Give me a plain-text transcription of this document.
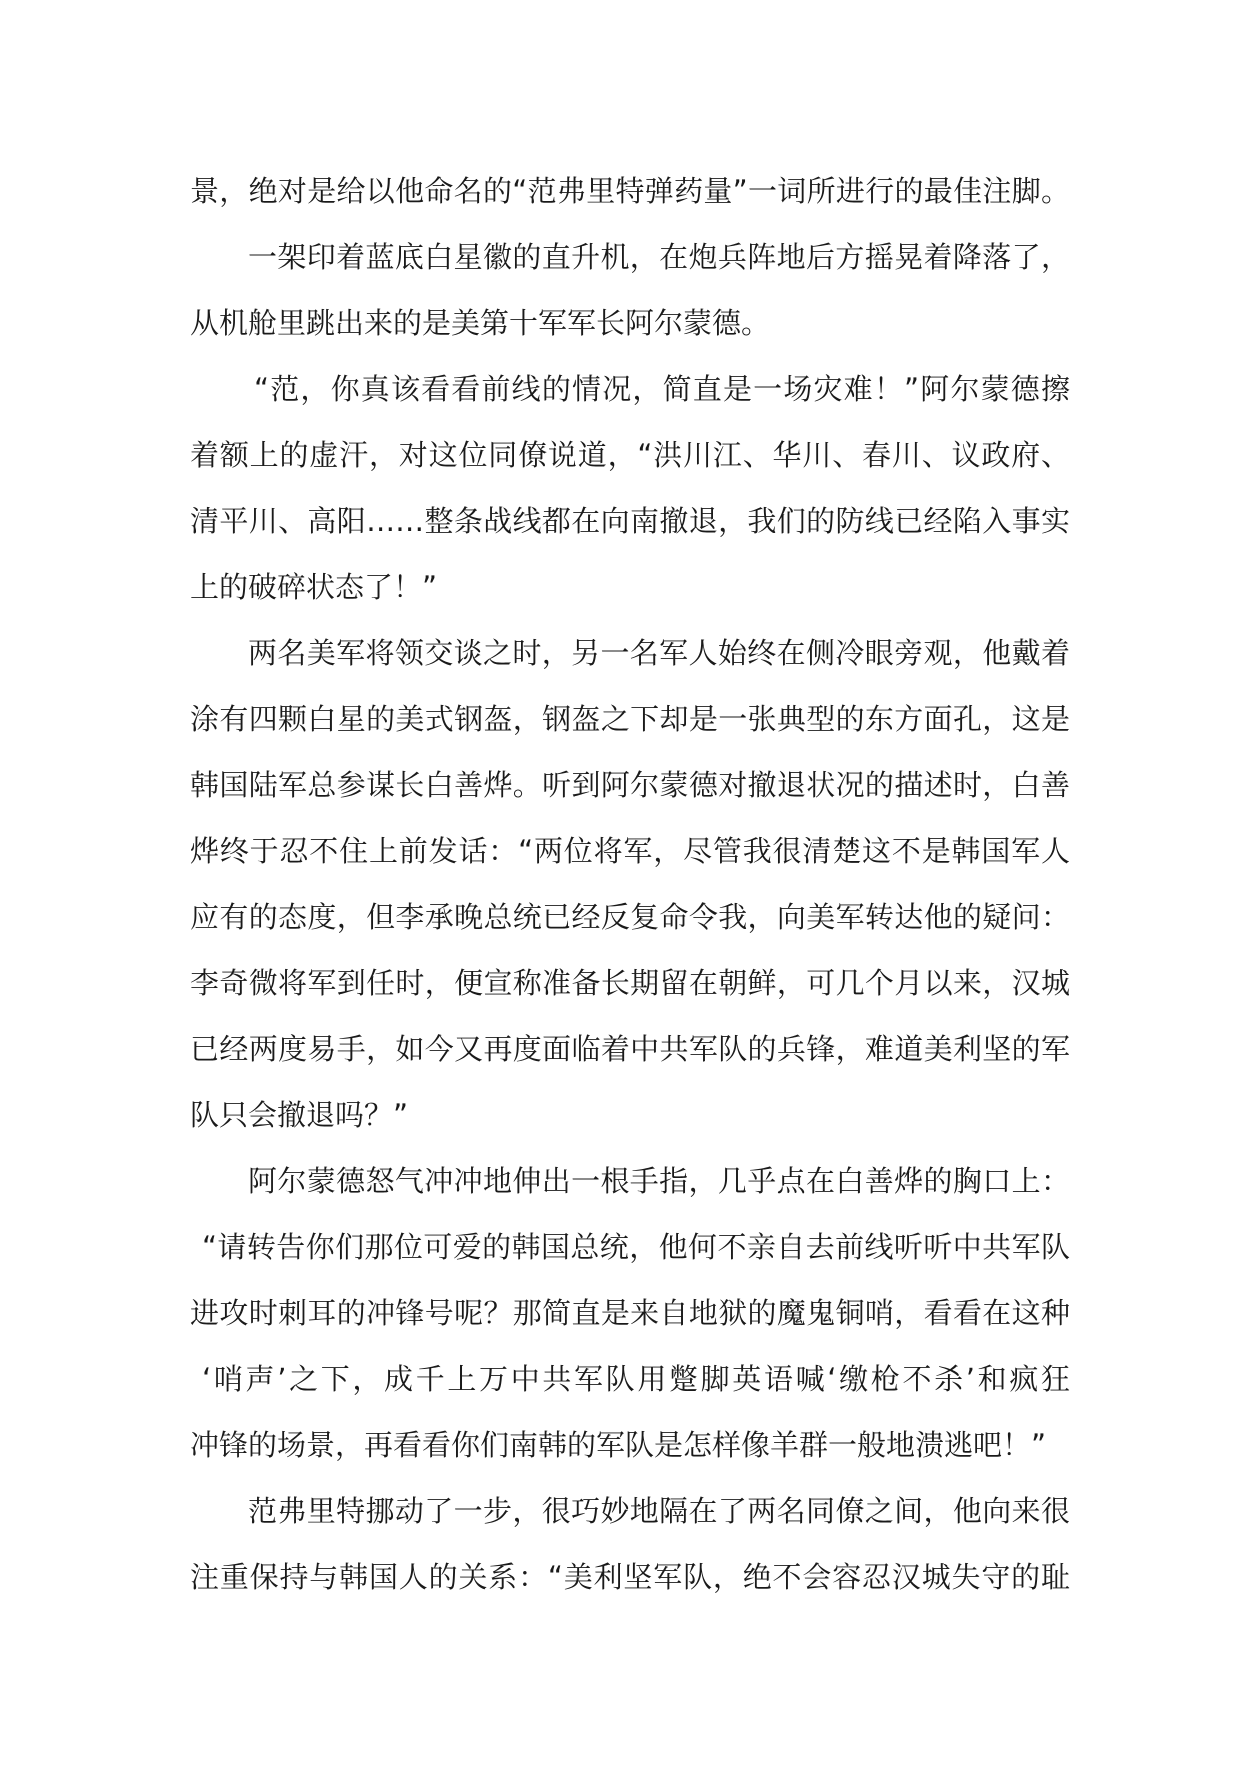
景，绝对是给以他命名的“范弗里特弹药量”一词所进行的最佳注脚。
一架印着蓝底白星徽的直升机，在炮兵阵地后方摇晃着降落了，
从机舱里跳出来的是美第十军军长阿尔蒙德。
“范，你真该看看前线的情况，简直是一场灾难！”阿尔蒙德擦
着额上的虚汗，对这位同僚说道，“洪川江、华川、春川、议政府、
清平川、高阳……整条战线都在向南撤退，我们的防线已经陷入事实
上的破碎状态了！”
两名美军将领交谈之时，另一名军人始终在侧冷眼旁观，他戴着
涂有四颗白星的美式钢盔，钢盔之下却是一张典型的东方面孔，这是
韩国陆军总参谋长白善烨。听到阿尔蒙德对撤退状况的描述时，白善
烨终于忍不住上前发话：“两位将军，尽管我很清楚这不是韩国军人
应有的态度，但李承晚总统已经反复命令我，向美军转达他的疑问：
李奇微将军到任时，便宣称准备长期留在朝鲜，可几个月以来，汉城
已经两度易手，如今又再度面临着中共军队的兵锋，难道美利坚的军
队只会撤退吗？”
阿尔蒙德怒气冲冲地伸出一根手指，几乎点在白善烨的胸口上：
“请转告你们那位可爱的韩国总统，他何不亲自去前线听听中共军队
进攻时刺耳的冲锋号呢？那简直是来自地狱的魔鬼铜哨，看看在这种
‘哨声’之下，成千上万中共军队用蹩脚英语喊‘缴枪不杀’和疯狂
冲锋的场景，再看看你们南韩的军队是怎样像羊群一般地溃逃吧！”
范弗里特挪动了一步，很巧妙地隔在了两名同僚之间，他向来很
注重保持与韩国人的关系：“美利坚军队，绝不会容忍汉城失守的耻
